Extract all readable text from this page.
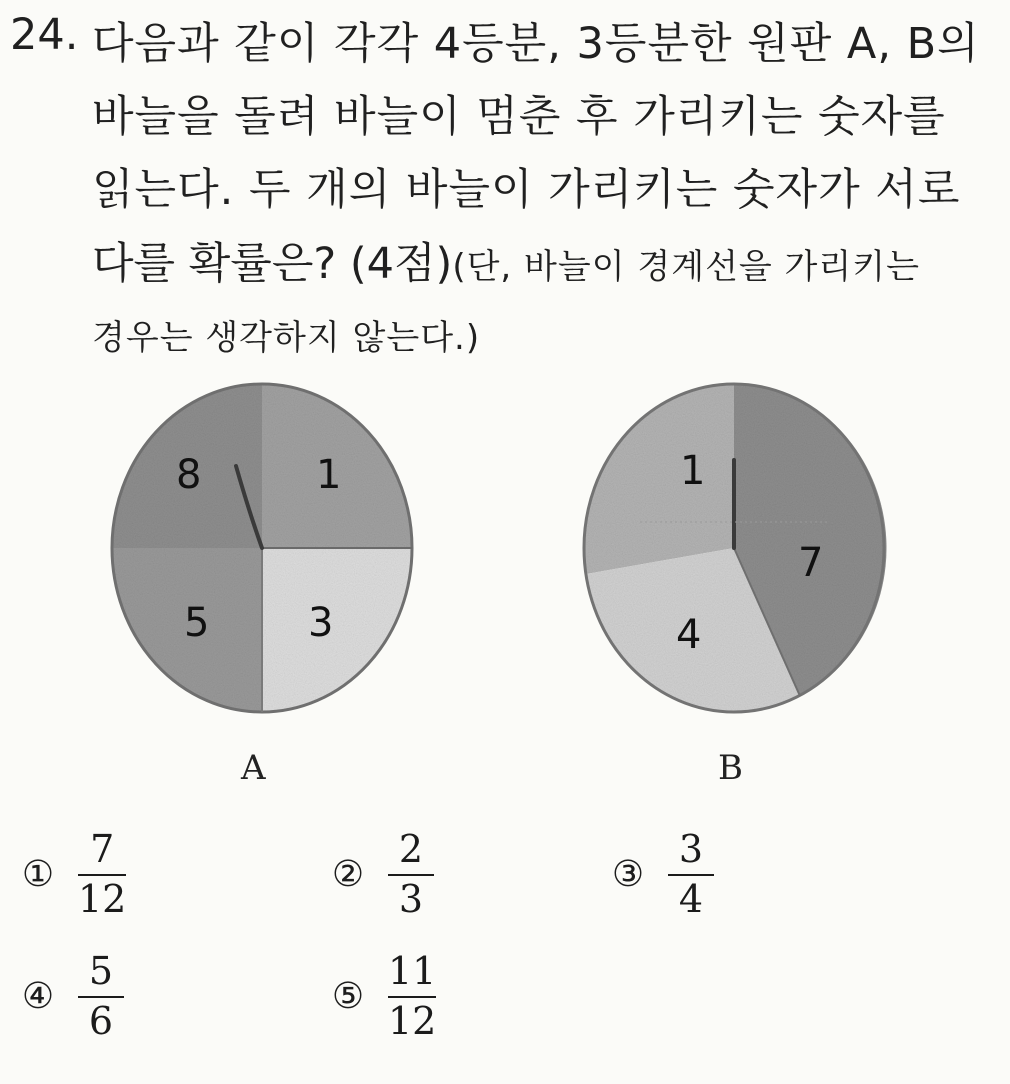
24. 다음과 같이 각각 4등분, 3등분한 원판 A, B의
바늘을 돌려 바늘이 멈춘 후 가리키는 숫자를
읽는다. 두 개의 바늘이 가리키는 숫자가 서로
다를 확률은? (4점)(단, 바늘이 경계선을 가리키는
경우는 생각하지 않는다.)
8	1
5 3
1
7
4
A	B
① $\frac{7}{12}$	② $\frac{2}{3}$	③ $\frac{3}{4}$
④ $\frac{5}{6}$	⑤ $\frac{11}{12}$
